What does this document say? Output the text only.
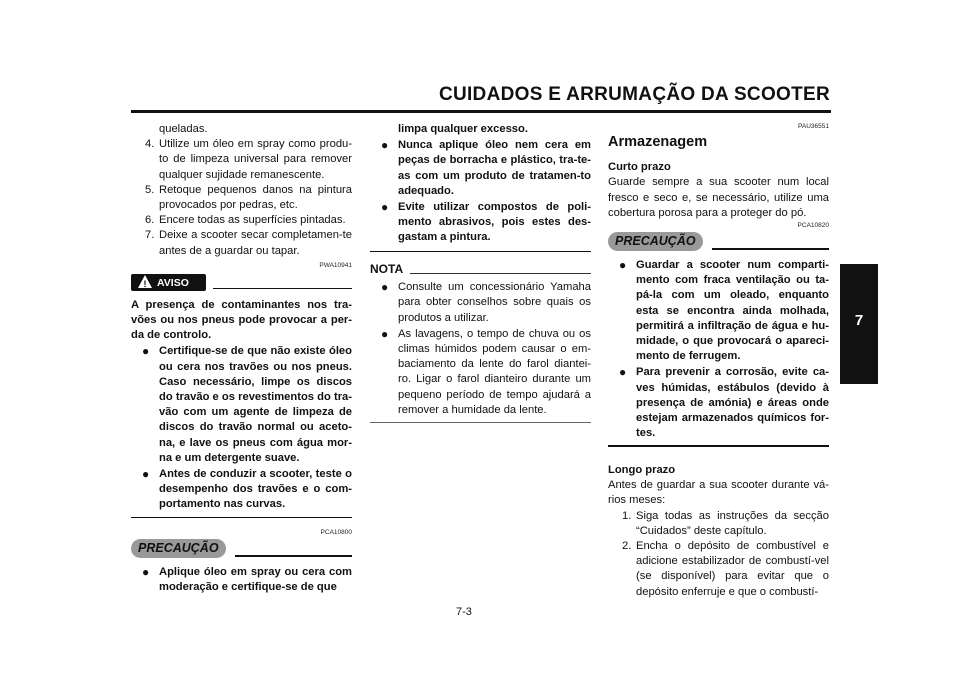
CUIDADOS E ARRUMAÇÃO DA SCOOTER
7

queladas.

4. Utilize um óleo em spray como produ-to de limpeza universal para remover qualquer sujidade remanescente.
5. Retoque pequenos danos na pintura provocados por pedras, etc.
6. Encere todas as superfícies pintadas.
7. Deixe a scooter secar completamen-te antes de a guardar ou tapar.
PWA10941
! AVISO

A presença de contaminantes nos tra-vões ou nos pneus pode provocar a per-da de controlo.

● Certifique-se de que não existe óleo ou cera nos travões ou nos pneus. Caso necessário, limpe os discos do travão e os revestimentos do tra-vão com um agente de limpeza de discos do travão normal ou aceto-na, e lave os pneus com água mor-na e um detergente suave.
● Antes de conduzir a scooter, teste o desempenho dos travões e o com-portamento nas curvas.
PCA10800
PRECAUÇÃO
● Aplique óleo em spray ou cera com moderação e certifique-se de que

limpa qualquer excesso.

● Nunca aplique óleo nem cera em peças de borracha e plástico, tra-te-as com um produto de tratamen-to adequado.
● Evite utilizar compostos de poli-mento abrasivos, pois estes des-gastam a pintura.
NOTA
● Consulte um concessionário Yamaha para obter conselhos sobre quais os produtos a utilizar.
● As lavagens, o tempo de chuva ou os climas húmidos podem causar o em-baciamento da lente do farol diantei-ro. Ligar o farol dianteiro durante um pequeno período de tempo ajudará a remover a humidade da lente.
PAU36551
Armazenagem

Curto prazo

Guarde sempre a sua scooter num local fresco e seco e, se necessário, utilize uma cobertura porosa para a proteger do pó.

PCA10820
PRECAUÇÃO
● Guardar a scooter num comparti-mento com fraca ventilação ou ta-pá-la com um oleado, enquanto esta se encontra ainda molhada, permitirá a infiltração de água e hu-midade, o que provocará o apareci-mento de ferrugem.
● Para prevenir a corrosão, evite ca-ves húmidas, estábulos (devido à presença de amónia) e áreas onde estejam armazenados químicos for-tes.

Longo prazo

Antes de guardar a sua scooter durante vá-rios meses:

1. Siga todas as instruções da secção “Cuidados” deste capítulo.
2. Encha o depósito de combustível e adicione estabilizador de combustí-vel (se disponível) para evitar que o depósito enferruje e que o combustí-
7-3
